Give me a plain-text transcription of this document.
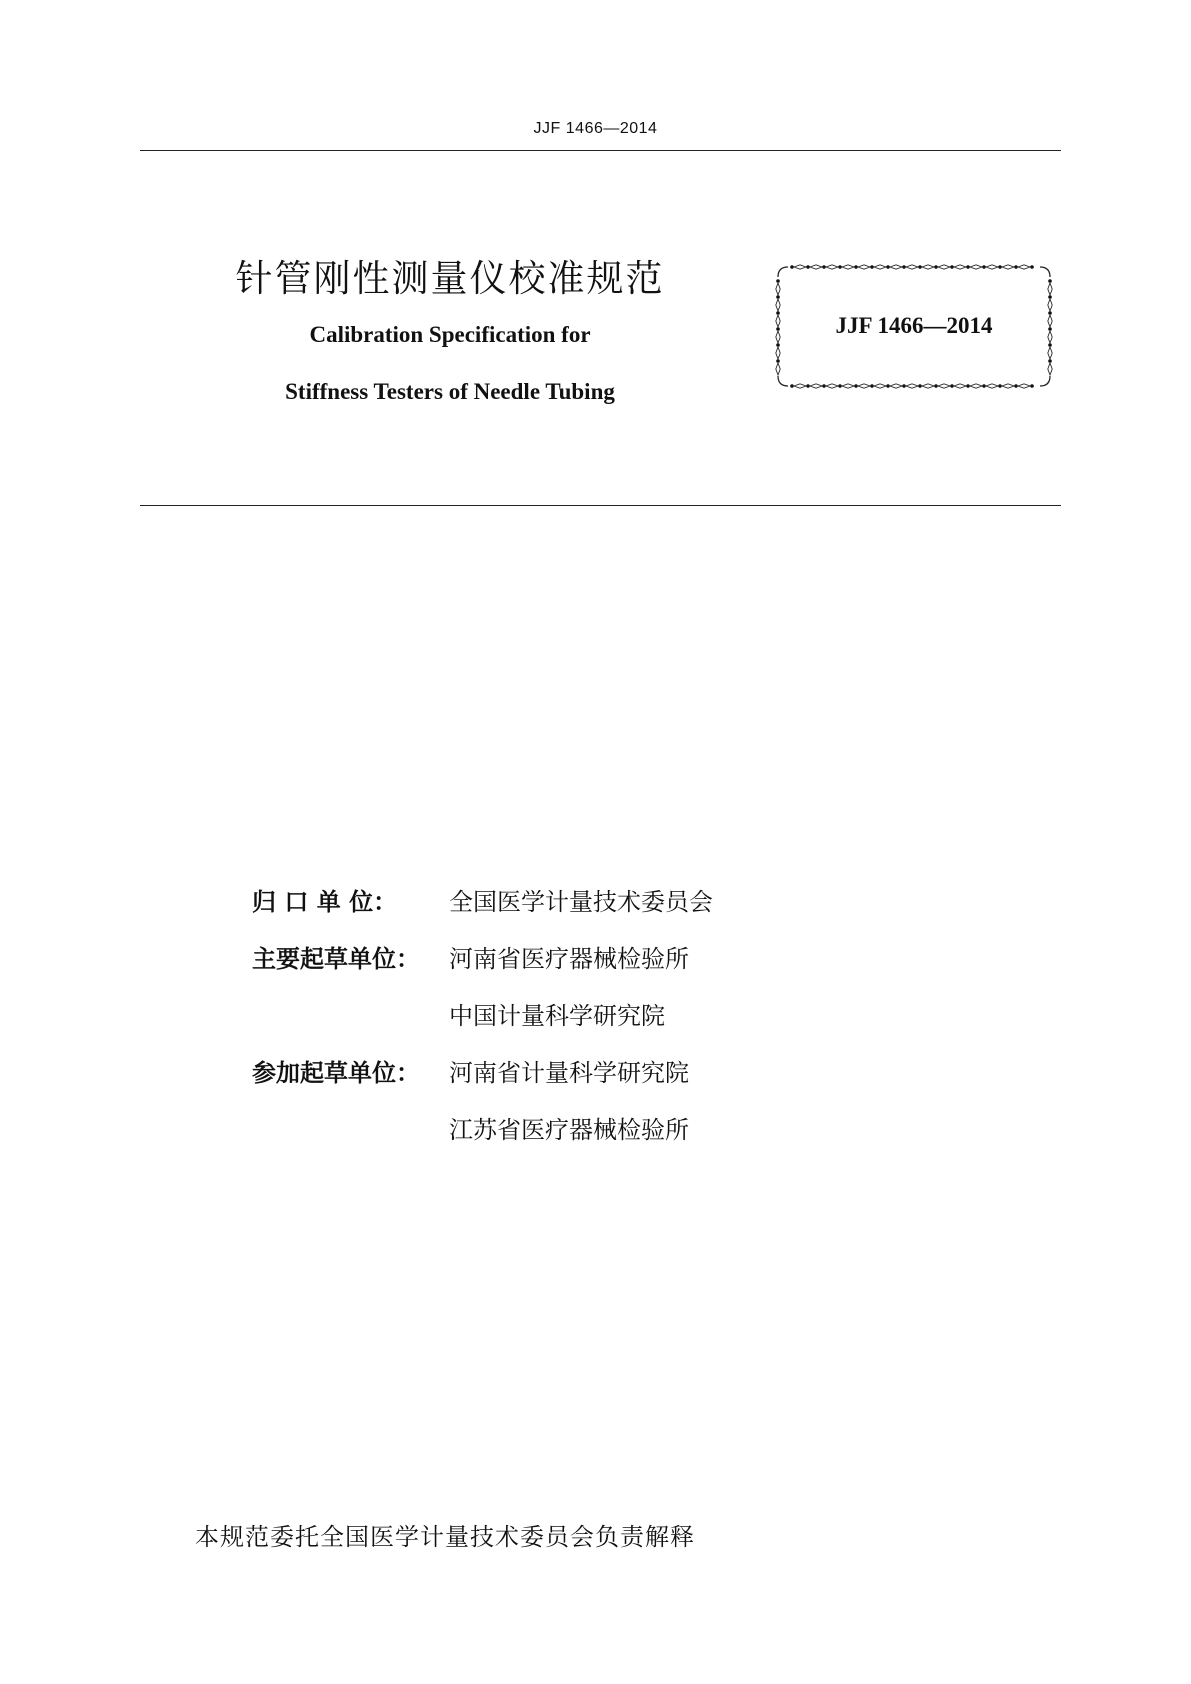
JJF 1466—2014
针管刚性测量仪校准规范
Calibration Specification for
Stiffness Testers of Needle Tubing
JJF 1466—2014
归 口 单 位：	全国医学计量技术委员会
主要起草单位：	河南省医疗器械检验所
中国计量科学研究院
参加起草单位：	河南省计量科学研究院
江苏省医疗器械检验所
本规范委托全国医学计量技术委员会负责解释
